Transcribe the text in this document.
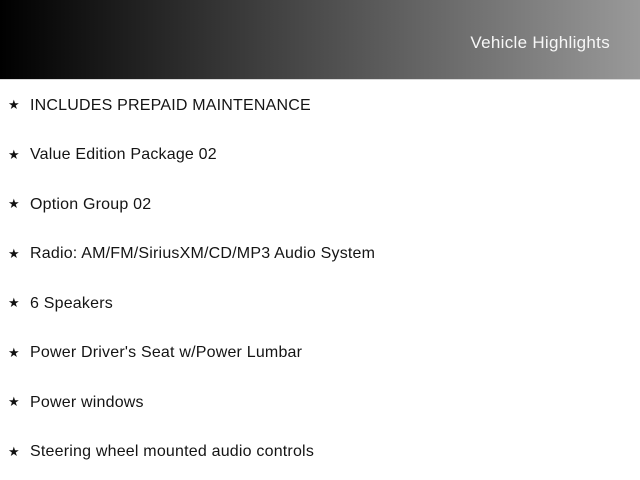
Vehicle Highlights
★ INCLUDES PREPAID MAINTENANCE
★ Value Edition Package 02
★ Option Group 02
★ Radio: AM/FM/SiriusXM/CD/MP3 Audio System
★ 6 Speakers
★ Power Driver's Seat w/Power Lumbar
★ Power windows
★ Steering wheel mounted audio controls
